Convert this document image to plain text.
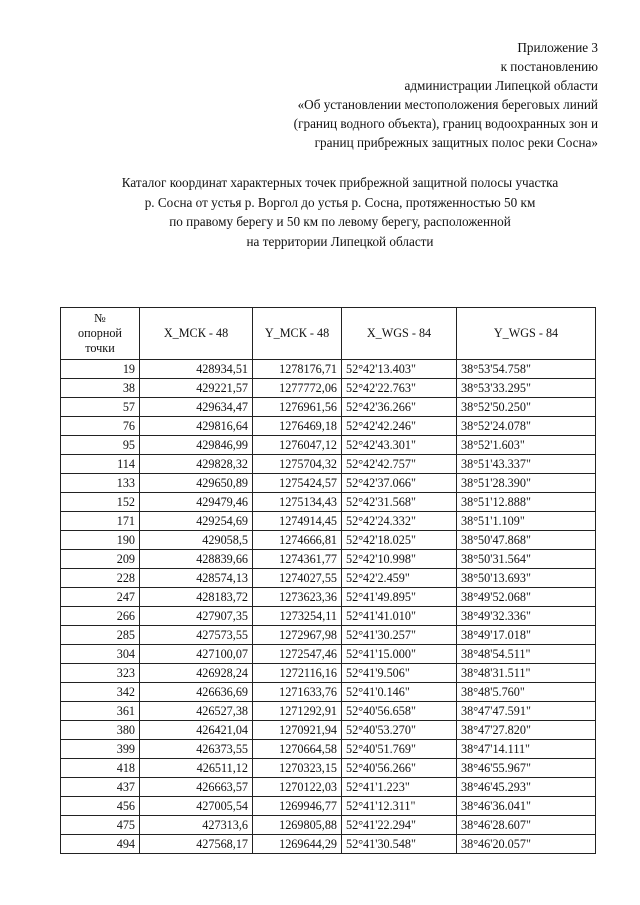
Приложение 3
к постановлению
администрации Липецкой области
«Об установлении местоположения береговых линий
(границ водного объекта), границ водоохранных зон и
границ прибрежных защитных полос реки Сосна»
Каталог координат характерных точек прибрежной защитной полосы участка
р. Сосна от устья р. Воргол до устья р. Сосна, протяженностью 50 км
по правому берегу и 50 км по левому берегу, расположенной
на территории Липецкой области
№
опорной
точки	X_МСК - 48	Y_МСК - 48	X_WGS - 84	Y_WGS - 84
19	428934,51	1278176,71	52°42'13.403"	38°53'54.758"
38	429221,57	1277772,06	52°42'22.763"	38°53'33.295"
57	429634,47	1276961,56	52°42'36.266"	38°52'50.250"
76	429816,64	1276469,18	52°42'42.246"	38°52'24.078"
95	429846,99	1276047,12	52°42'43.301"	38°52'1.603"
114	429828,32	1275704,32	52°42'42.757"	38°51'43.337"
133	429650,89	1275424,57	52°42'37.066"	38°51'28.390"
152	429479,46	1275134,43	52°42'31.568"	38°51'12.888"
171	429254,69	1274914,45	52°42'24.332"	38°51'1.109"
190	429058,5	1274666,81	52°42'18.025"	38°50'47.868"
209	428839,66	1274361,77	52°42'10.998"	38°50'31.564"
228	428574,13	1274027,55	52°42'2.459"	38°50'13.693"
247	428183,72	1273623,36	52°41'49.895"	38°49'52.068"
266	427907,35	1273254,11	52°41'41.010"	38°49'32.336"
285	427573,55	1272967,98	52°41'30.257"	38°49'17.018"
304	427100,07	1272547,46	52°41'15.000"	38°48'54.511"
323	426928,24	1272116,16	52°41'9.506"	38°48'31.511"
342	426636,69	1271633,76	52°41'0.146"	38°48'5.760"
361	426527,38	1271292,91	52°40'56.658"	38°47'47.591"
380	426421,04	1270921,94	52°40'53.270"	38°47'27.820"
399	426373,55	1270664,58	52°40'51.769"	38°47'14.111"
418	426511,12	1270323,15	52°40'56.266"	38°46'55.967"
437	426663,57	1270122,03	52°41'1.223"	38°46'45.293"
456	427005,54	1269946,77	52°41'12.311"	38°46'36.041"
475	427313,6	1269805,88	52°41'22.294"	38°46'28.607"
494	427568,17	1269644,29	52°41'30.548"	38°46'20.057"
